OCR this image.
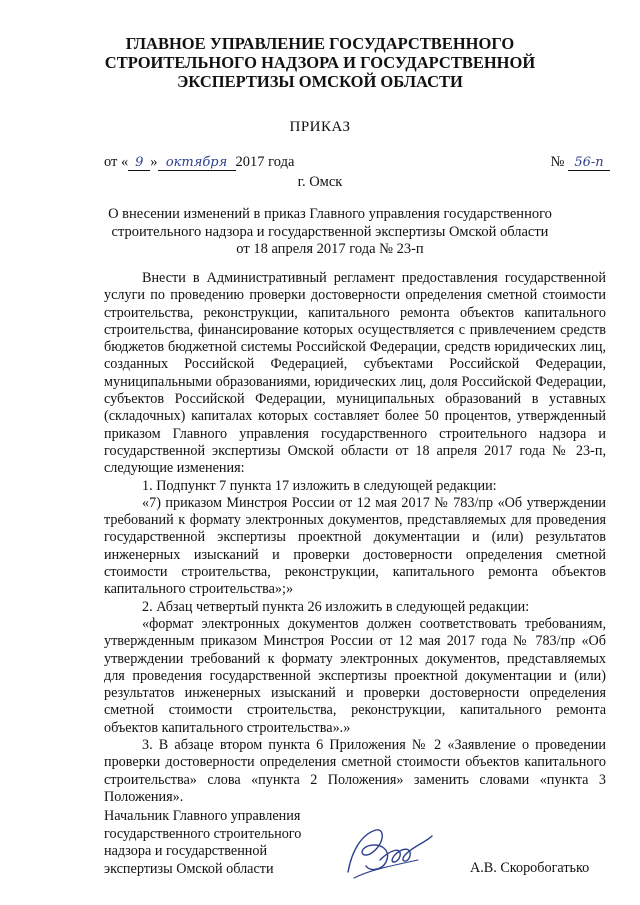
ГЛАВНОЕ УПРАВЛЕНИЕ ГОСУДАРСТВЕННОГО
СТРОИТЕЛЬНОГО НАДЗОРА И ГОСУДАРСТВЕННОЙ
ЭКСПЕРТИЗЫ ОМСКОЙ ОБЛАСТИ
ПРИКАЗ
от « 9 » октября 2017 года	№ 56-п
г. Омск
О внесении изменений в приказ Главного управления государственного
строительного надзора и государственной экспертизы Омской области
от 18 апреля 2017 года № 23-п

Внести в Административный регламент предоставления государственной услуги по проведению проверки достоверности определения сметной стоимости строительства, реконструкции, капитального ремонта объектов капитального строительства, финансирование которых осуществляется с привлечением средств бюджетов бюджетной системы Российской Федерации, средств юридических лиц, созданных Российской Федерацией, субъектами Российской Федерации, муниципальными образованиями, юридических лиц, доля Российской Федерации, субъектов Российской Федерации, муниципальных образований в уставных (складочных) капиталах которых составляет более 50 процентов, утвержденный приказом Главного управления государственного строительного надзора и государственной экспертизы Омской области от 18 апреля 2017 года № 23-п, следующие изменения:

1. Подпункт 7 пункта 17 изложить в следующей редакции:

«7) приказом Минстроя России от 12 мая 2017 № 783/пр «Об утверждении требований к формату электронных документов, представляемых для проведения государственной экспертизы проектной документации и (или) результатов инженерных изысканий и проверки достоверности определения сметной стоимости строительства, реконструкции, капитального ремонта объектов капитального строительства»;»

2. Абзац четвертый пункта 26 изложить в следующей редакции:

«формат электронных документов должен соответствовать требованиям, утвержденным приказом Минстроя России от 12 мая 2017 года № 783/пр «Об утверждении требований к формату электронных документов, представляемых для проведения государственной экспертизы проектной документации и (или) результатов инженерных изысканий и проверки достоверности определения сметной стоимости строительства, реконструкции, капитального ремонта объектов капитального строительства».»

3. В абзаце втором пункта 6 Приложения № 2 «Заявление о проведении проверки достоверности определения сметной стоимости объектов капитального строительства» слова «пункта 2 Положения» заменить словами «пункта 3 Положения».

Начальник Главного управления
государственного строительного
надзора и государственной
экспертизы Омской области	А.В. Скоробогатько
